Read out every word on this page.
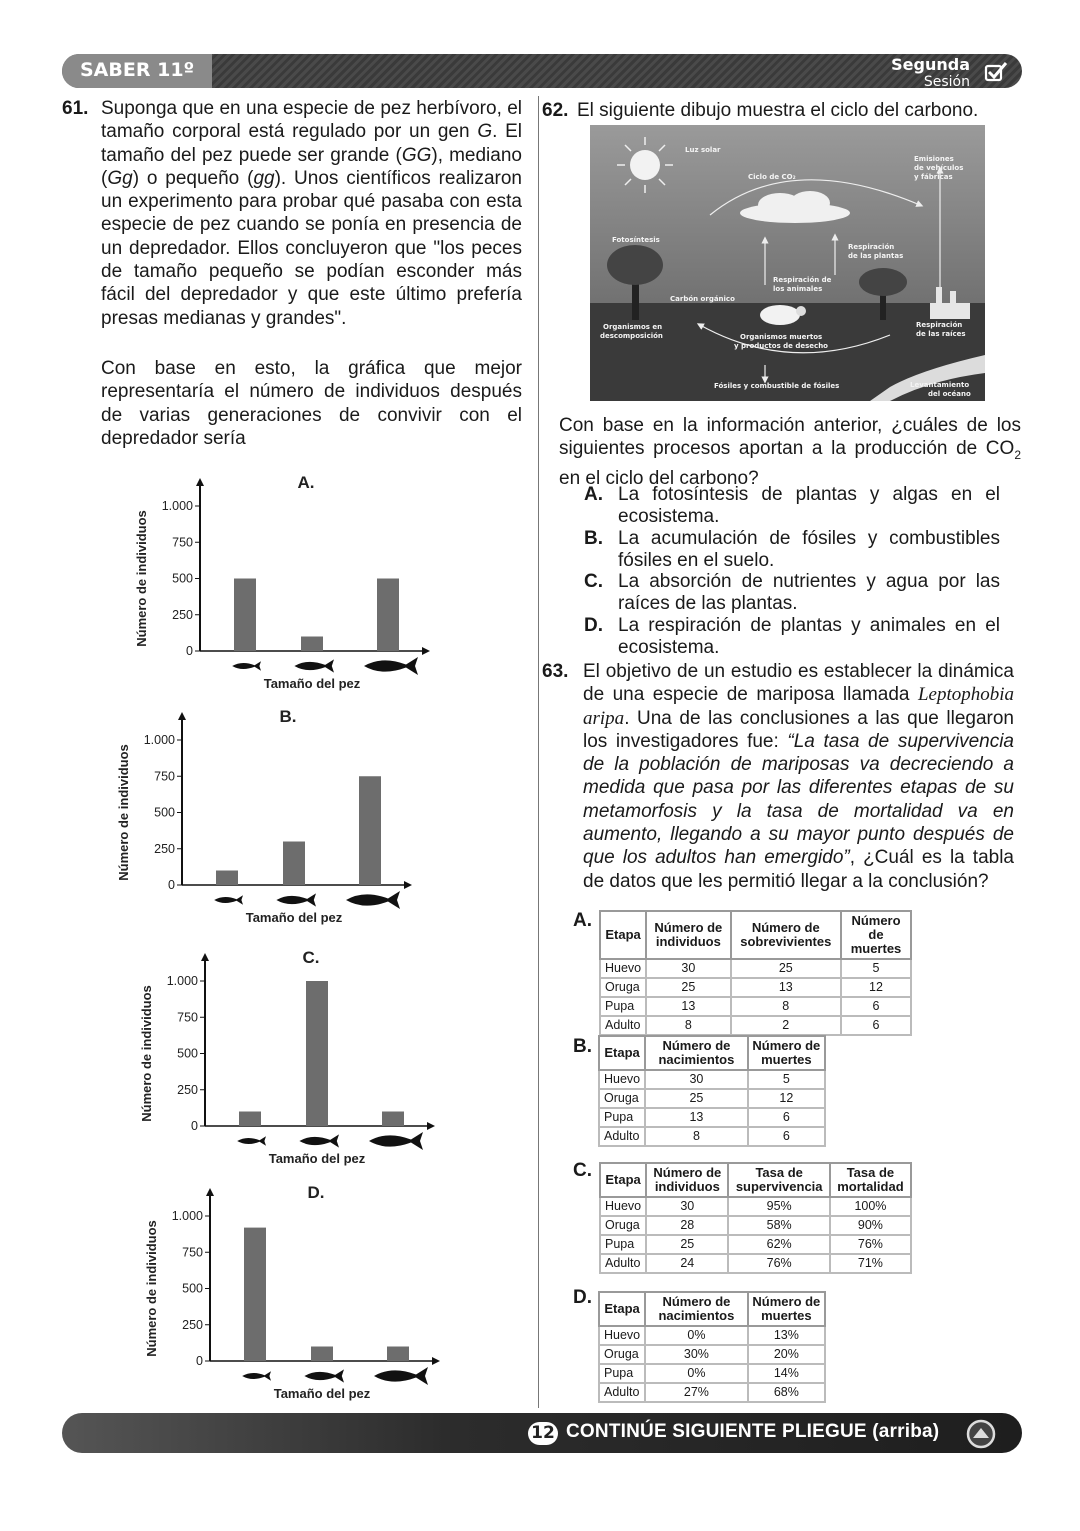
SABER 11º	Segunda
Sesión
61. Suponga que en una especie de pez herbívoro, el tamaño corporal está regulado por un gen G. El tamaño del pez puede ser grande (GG), mediano (Gg) o pequeño (gg). Unos científicos realizaron un experimento para probar qué pasaba con esta especie de pez cuando se ponía en presencia de un depredador. Ellos concluyeron que "los peces de tamaño pequeño se podían esconder más fácil del depredador y que este último prefería presas medianas y grandes".
Con base en esto, la gráfica que mejor representaría el número de individuos después de varias generaciones de convivir con el depredador sería
A.
0
250
500
750
1.000
Número de individuos
Tamaño del pez
B.
0
250
500
750
1.000
Número de individuos
Tamaño del pez
C.
0
250
500
750
1.000
Número de individuos
Tamaño del pez
D.
0
250
500
750
1.000
Número de individuos
Tamaño del pez
62. El siguiente dibujo muestra el ciclo del carbono.
Luz solar
Ciclo de CO₂
Emisiones
de vehículos
y fábricas
Fotosíntesis
Respiración
de las plantas
Respiración de
los animales
Carbón orgánico
Organismos en
descomposición	Organismos muertos
y productos de desecho
Respiración
de las raíces
Fósiles y combustible de fósiles	Levantamiento
del océano
Con base en la información anterior, ¿cuáles de los siguientes procesos aportan a la producción de $CO_2$ en el ciclo del carbono?
A. La fotosíntesis de plantas y algas en el ecosistema.
B. La acumulación de fósiles y combustibles fósiles en el suelo.
C. La absorción de nutrientes y agua por las raíces de las plantas.
D. La respiración de plantas y animales en el ecosistema.
63. El objetivo de un estudio es establecer la dinámica de una especie de mariposa llamada Leptophobia aripa. Una de las conclusiones a las que llegaron los investigadores fue: “La tasa de supervivencia de la población de mariposas va decreciendo a medida que pasa por las diferentes etapas de su metamorfosis y la tasa de mortalidad va en aumento, llegando a su mayor punto después de que los adultos han emergido”, ¿Cuál es la tabla de datos que les permitió llegar a la conclusión?
A.
Etapa	Número de individuos	Número de sobrevivientes	Número de muertes
Huevo	30	25	5
Oruga	25	13	12
Pupa	13	8	6
Adulto	8	2	6
B. Etapa	Número de nacimientos	Número de muertes
Huevo	30	5
Oruga	25	12
Pupa	13	6
Adulto	8	6
C. Etapa	Número de individuos	Tasa de supervivencia	Tasa de mortalidad
Huevo	30	95%	100%
Oruga	28	58%	90%
Pupa	25	62%	76%
Adulto	24	76%	71%
D.
Etapa	Número de nacimientos	Número de muertes
Huevo	0%	13%
Oruga	30%	20%
Pupa	0%	14%
Adulto	27%	68%
12 CONTINÚE SIGUIENTE PLIEGUE (arriba)
